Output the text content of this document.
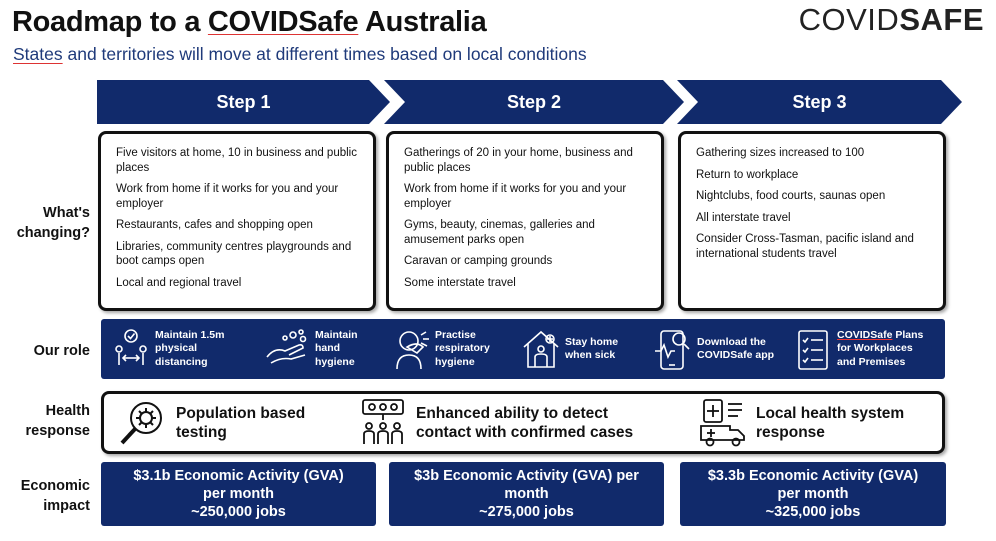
Roadmap to a COVIDSafe Australia
States and territories will move at different times based on local conditions
COVIDSAFE
Step 1	Step 2	Step 3
What's
changing?
Our role
Health
response
Economic
impact
Five visitors at home, 10 in business and public places
Work from home if it works for you and your employer
Restaurants, cafes and shopping open
Libraries, community centres playgrounds and boot camps open
Local and regional travel
Gatherings of 20 in your home, business and public places
Work from home if it works for you and your employer
Gyms, beauty, cinemas, galleries and amusement parks open
Caravan or camping grounds
Some interstate travel
Gathering sizes increased to 100
Return to workplace
Nightclubs, food courts, saunas open
All interstate travel
Consider Cross-Tasman, pacific island and international students travel
Maintain 1.5m
physical
distancing
Maintain
hand
hygiene
Practise
respiratory
hygiene
Stay home
when sick
Download the
COVIDSafe app
COVIDSafe Plans
for Workplaces
and Premises
Population based
testing
Enhanced ability to detect
contact with confirmed cases
Local health system
response
$3.1b Economic Activity (GVA)
per month
~250,000 jobs
$3b Economic Activity (GVA) per
month
~275,000 jobs
$3.3b Economic Activity (GVA)
per month
~325,000 jobs
